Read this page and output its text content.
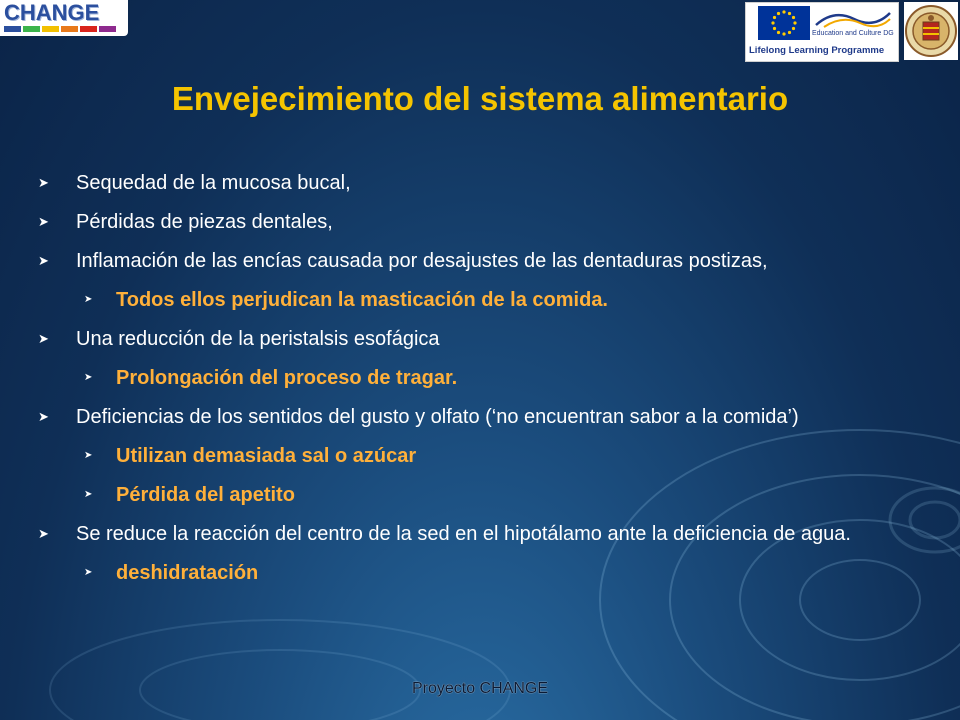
CHANGE
Education and Culture DG
Lifelong Learning Programme
Envejecimiento del sistema alimentario
➤	Sequedad de la mucosa bucal,
➤	Pérdidas de piezas dentales,
➤	Inflamación de las encías causada por desajustes de las dentaduras postizas,
➤	Todos ellos perjudican la masticación de la comida.
➤	Una reducción de la peristalsis esofágica
➤	Prolongación del proceso de tragar.
➤	Deficiencias de los sentidos del gusto y olfato (‘no encuentran sabor a la comida’)
➤	Utilizan demasiada sal o azúcar
➤	Pérdida del apetito
➤	Se reduce la reacción del centro de la sed en el hipotálamo ante la deficiencia de agua.
➤	deshidratación
Proyecto CHANGE
